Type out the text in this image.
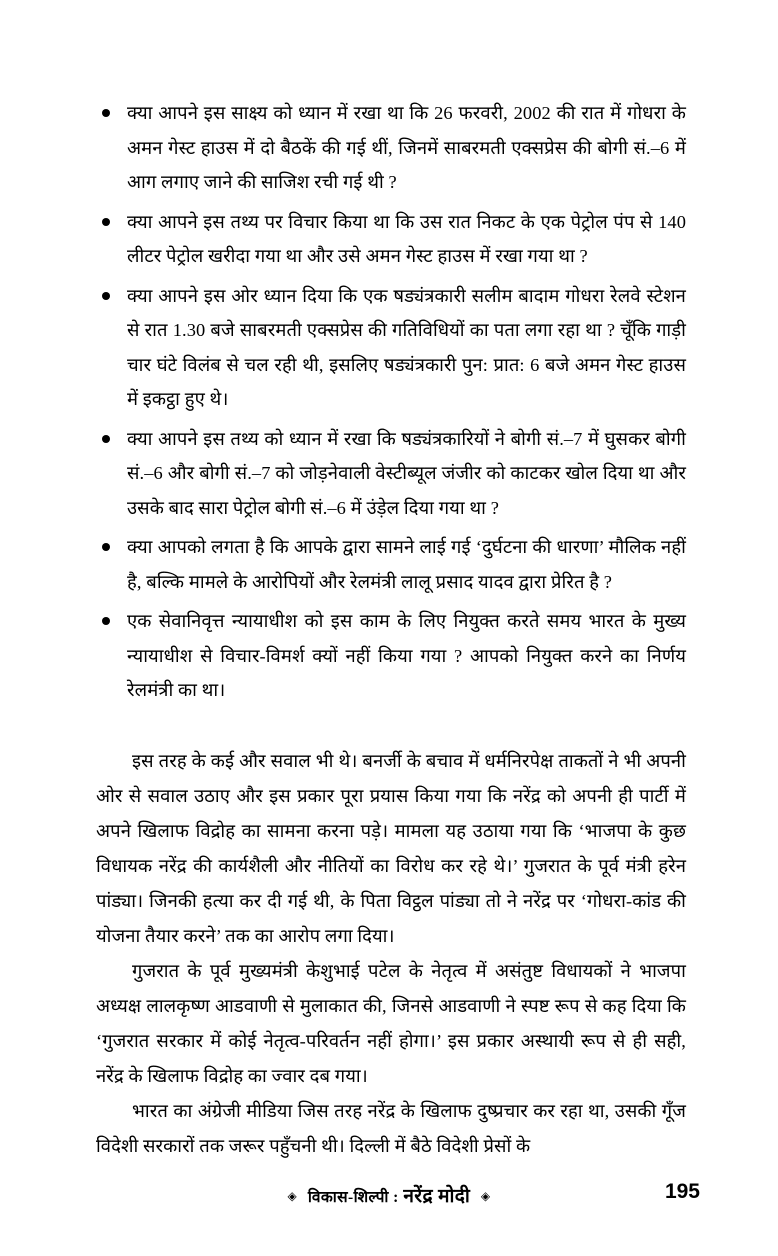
क्या आपने इस साक्ष्य को ध्यान में रखा था कि 26 फरवरी, 2002 की रात में गोधरा के अमन गेस्ट हाउस में दो बैठकें की गई थीं, जिनमें साबरमती एक्सप्रेस की बोगी सं.–6 में आग लगाए जाने की साजिश रची गई थी ?
क्या आपने इस तथ्य पर विचार किया था कि उस रात निकट के एक पेट्रोल पंप से 140 लीटर पेट्रोल खरीदा गया था और उसे अमन गेस्ट हाउस में रखा गया था ?
क्या आपने इस ओर ध्यान दिया कि एक षड्यंत्रकारी सलीम बादाम गोधरा रेलवे स्टेशन से रात 1.30 बजे साबरमती एक्सप्रेस की गतिविधियों का पता लगा रहा था ? चूँकि गाड़ी चार घंटे विलंब से चल रही थी, इसलिए षड्यंत्रकारी पुन: प्रात: 6 बजे अमन गेस्ट हाउस में इकट्ठा हुए थे।
क्या आपने इस तथ्य को ध्यान में रखा कि षड्यंत्रकारियों ने बोगी सं.–7 में घुसकर बोगी सं.–6 और बोगी सं.–7 को जोड़नेवाली वेस्टीब्यूल जंजीर को काटकर खोल दिया था और उसके बाद सारा पेट्रोल बोगी सं.–6 में उंड़ेल दिया गया था ?
क्या आपको लगता है कि आपके द्वारा सामने लाई गई ‘दुर्घटना की धारणा’ मौलिक नहीं है, बल्कि मामले के आरोपियों और रेलमंत्री लालू प्रसाद यादव द्वारा प्रेरित है ?
एक सेवानिवृत्त न्यायाधीश को इस काम के लिए नियुक्त करते समय भारत के मुख्य न्यायाधीश से विचार-विमर्श क्यों नहीं किया गया ? आपको नियुक्त करने का निर्णय रेलमंत्री का था।

इस तरह के कई और सवाल भी थे। बनर्जी के बचाव में धर्मनिरपेक्ष ताकतों ने भी अपनी ओर से सवाल उठाए और इस प्रकार पूरा प्रयास किया गया कि नरेंद्र को अपनी ही पार्टी में अपने खिलाफ विद्रोह का सामना करना पड़े। मामला यह उठाया गया कि ‘भाजपा के कुछ विधायक नरेंद्र की कार्यशैली और नीतियों का विरोध कर रहे थे।’ गुजरात के पूर्व मंत्री हरेन पांड्या। जिनकी हत्या कर दी गई थी, के पिता विट्ठल पांड्या तो ने नरेंद्र पर ‘गोधरा-कांड की योजना तैयार करने’ तक का आरोप लगा दिया।

गुजरात के पूर्व मुख्यमंत्री केशुभाई पटेल के नेतृत्व में असंतुष्ट विधायकों ने भाजपा अध्यक्ष लालकृष्ण आडवाणी से मुलाकात की, जिनसे आडवाणी ने स्पष्ट रूप से कह दिया कि ‘गुजरात सरकार में कोई नेतृत्व-परिवर्तन नहीं होगा।’ इस प्रकार अस्थायी रूप से ही सही, नरेंद्र के खिलाफ विद्रोह का ज्वार दब गया।

भारत का अंग्रेजी मीडिया जिस तरह नरेंद्र के खिलाफ दुष्प्रचार कर रहा था, उसकी गूँज विदेशी सरकारों तक जरूर पहुँचनी थी। दिल्ली में बैठे विदेशी प्रेसों के

◈ विकास-शिल्पी : नरेंद्र मोदी ◈	195
